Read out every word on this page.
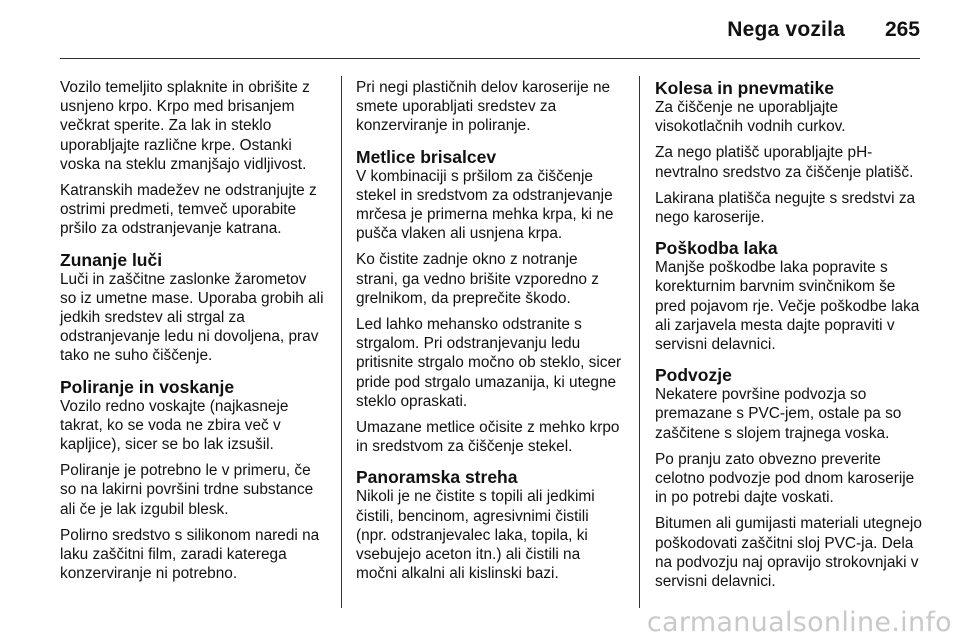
Nega vozila 265

Vozilo temeljito splaknite in obrišite z usnjeno krpo. Krpo med brisanjem večkrat sperite. Za lak in steklo uporabljajte različne krpe. Ostanki voska na steklu zmanjšajo vidljivost.

Katranskih madežev ne odstranjujte z ostrimi predmeti, temveč uporabite pršilo za odstranjevanje katrana.

Zunanje luči

Luči in zaščitne zaslonke žarometov so iz umetne mase. Uporaba grobih ali jedkih sredstev ali strgal za odstranjevanje ledu ni dovoljena, prav tako ne suho čiščenje.

Poliranje in voskanje

Vozilo redno voskajte (najkasneje takrat, ko se voda ne zbira več v kapljice), sicer se bo lak izsušil.

Poliranje je potrebno le v primeru, če so na lakirni površini trdne substance ali če je lak izgubil blesk.

Polirno sredstvo s silikonom naredi na laku zaščitni film, zaradi katerega konzerviranje ni potrebno.

Pri negi plastičnih delov karoserije ne smete uporabljati sredstev za konzerviranje in poliranje.

Metlice brisalcev

V kombinaciji s pršilom za čiščenje stekel in sredstvom za odstranjevanje mrčesa je primerna mehka krpa, ki ne pušča vlaken ali usnjena krpa.

Ko čistite zadnje okno z notranje strani, ga vedno brišite vzporedno z grelnikom, da preprečite škodo.

Led lahko mehansko odstranite s strgalom. Pri odstranjevanju ledu pritisnite strgalo močno ob steklo, sicer pride pod strgalo umazanija, ki utegne steklo opraskati.

Umazane metlice očisite z mehko krpo in sredstvom za čiščenje stekel.

Panoramska streha

Nikoli je ne čistite s topili ali jedkimi čistili, bencinom, agresivnimi čistili (npr. odstranjevalec laka, topila, ki vsebujejo aceton itn.) ali čistili na močni alkalni ali kislinski bazi.

Kolesa in pnevmatike

Za čiščenje ne uporabljajte visokotlačnih vodnih curkov.

Za nego platišč uporabljajte pH-nevtralno sredstvo za čiščenje platišč.

Lakirana platišča negujte s sredstvi za nego karoserije.

Poškodba laka

Manjše poškodbe laka popravite s korekturnim barvnim svinčnikom še pred pojavom rje. Večje poškodbe laka ali zarjavela mesta dajte popraviti v servisni delavnici.

Podvozje

Nekatere površine podvozja so premazane s PVC-jem, ostale pa so zaščitene s slojem trajnega voska.

Po pranju zato obvezno preverite celotno podvozje pod dnom karoserije in po potrebi dajte voskati.

Bitumen ali gumijasti materiali utegnejo poškodovati zaščitni sloj PVC-ja. Dela na podvozju naj opravijo strokovnjaki v servisni delavnici.

carmanualsonline.info
